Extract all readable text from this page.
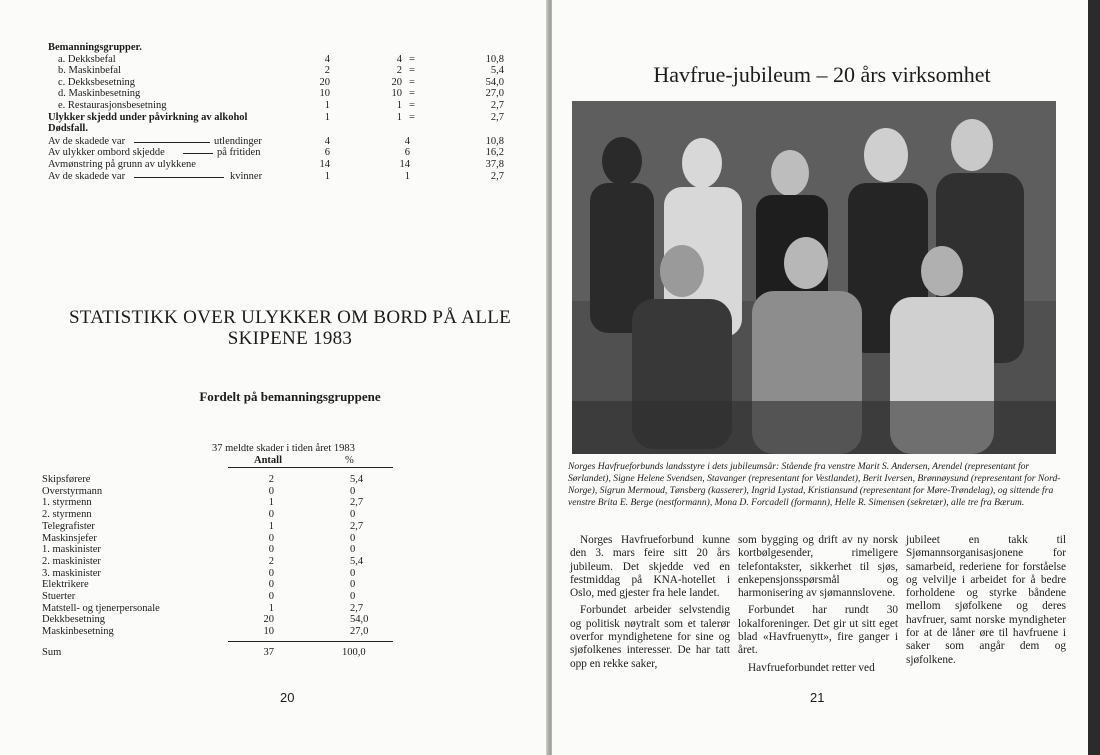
Bemanningsgrupper.
a. Dekksbefal	4	4 =	10,8
b. Maskinbefal	2	2 =	5,4
c. Dekksbesetning	20	20 =	54,0
d. Maskinbesetning	10	10 =	27,0
e. Restaurasjonsbesetning	1	1 =	2,7
Ulykker skjedd under påvirkning av alkohol	1	1 =	2,7
Dødsfall.
Av de skadede var	utlendinger	4	4	10,8
Av ulykker ombord skjedde	på fritiden	6	6	16,2
Avmønstring på grunn av ulykkene	14	14	37,8
Av de skadede var	kvinner	1	1	2,7
STATISTIKK OVER ULYKKER OM BORD PÅ ALLE
SKIPENE 1983
Fordelt på bemanningsgruppene
37 meldte skader i tiden året 1983
Antall	%
Skipsførere	2	5,4
Overstyrmann	0	0
1. styrmenn	1	2,7
2. styrmenn	0	0
Telegrafister	1	2,7
Maskinsjefer	0	0
1. maskinister	0	0
2. maskinister	2	5,4
3. maskinister	0	0
Elektrikere	0	0
Stuerter	0	0
Matstell- og tjenerpersonale	1	2,7
Dekkbesetning	20	54,0
Maskinbesetning	10	27,0
Sum	37	100,0
20
Havfrue-jubileum – 20 års virksomhet
Norges Havfrueforbunds landsstyre i dets jubileumsår: Stående fra venstre Marit S. Andersen, Arendel (representant for Sørlandet), Signe Helene Svendsen, Stavanger (representant for Vestlandet), Berit Iversen, Brønnøysund (representant for Nord-Norge), Sigrun Mermoud, Tønsberg (kasserer), Ingrid Lystad, Kristiansund (representant for Møre-Trøndelag), og sittende fra venstre Brita E. Berge (nestformann), Mona D. Forcadell (formann), Helle R. Simensen (sekretær), alle tre fra Bærum.

Norges Havfrueforbund kunne den 3. mars feire sitt 20 års jubileum. Det skjedde ved en festmiddag på KNA-hotellet i Oslo, med gjester fra hele landet.

Forbundet arbeider selvstendig og politisk nøytralt som et talerør overfor myndighetene for sine og sjøfolkenes interesser. De har tatt opp en rekke saker,

som bygging og drift av ny norsk kortbølgesender, rimeligere telefontakster, sikkerhet til sjøs, enkepensjonsspørsmål og harmonisering av sjømannslovene.

Forbundet har rundt 30 lokalforeninger. Det gir ut sitt eget blad «Havfruenytt», fire ganger i året.

Havfrueforbundet retter ved

jubileet en takk til Sjømannsorganisasjonene for samarbeid, rederiene for forståelse og velvilje i arbeidet for å bedre forholdene og styrke båndene mellom sjøfolkene og deres havfruer, samt norske myndigheter for at de låner øre til havfruene i saker som angår dem og sjøfolkene.

21
